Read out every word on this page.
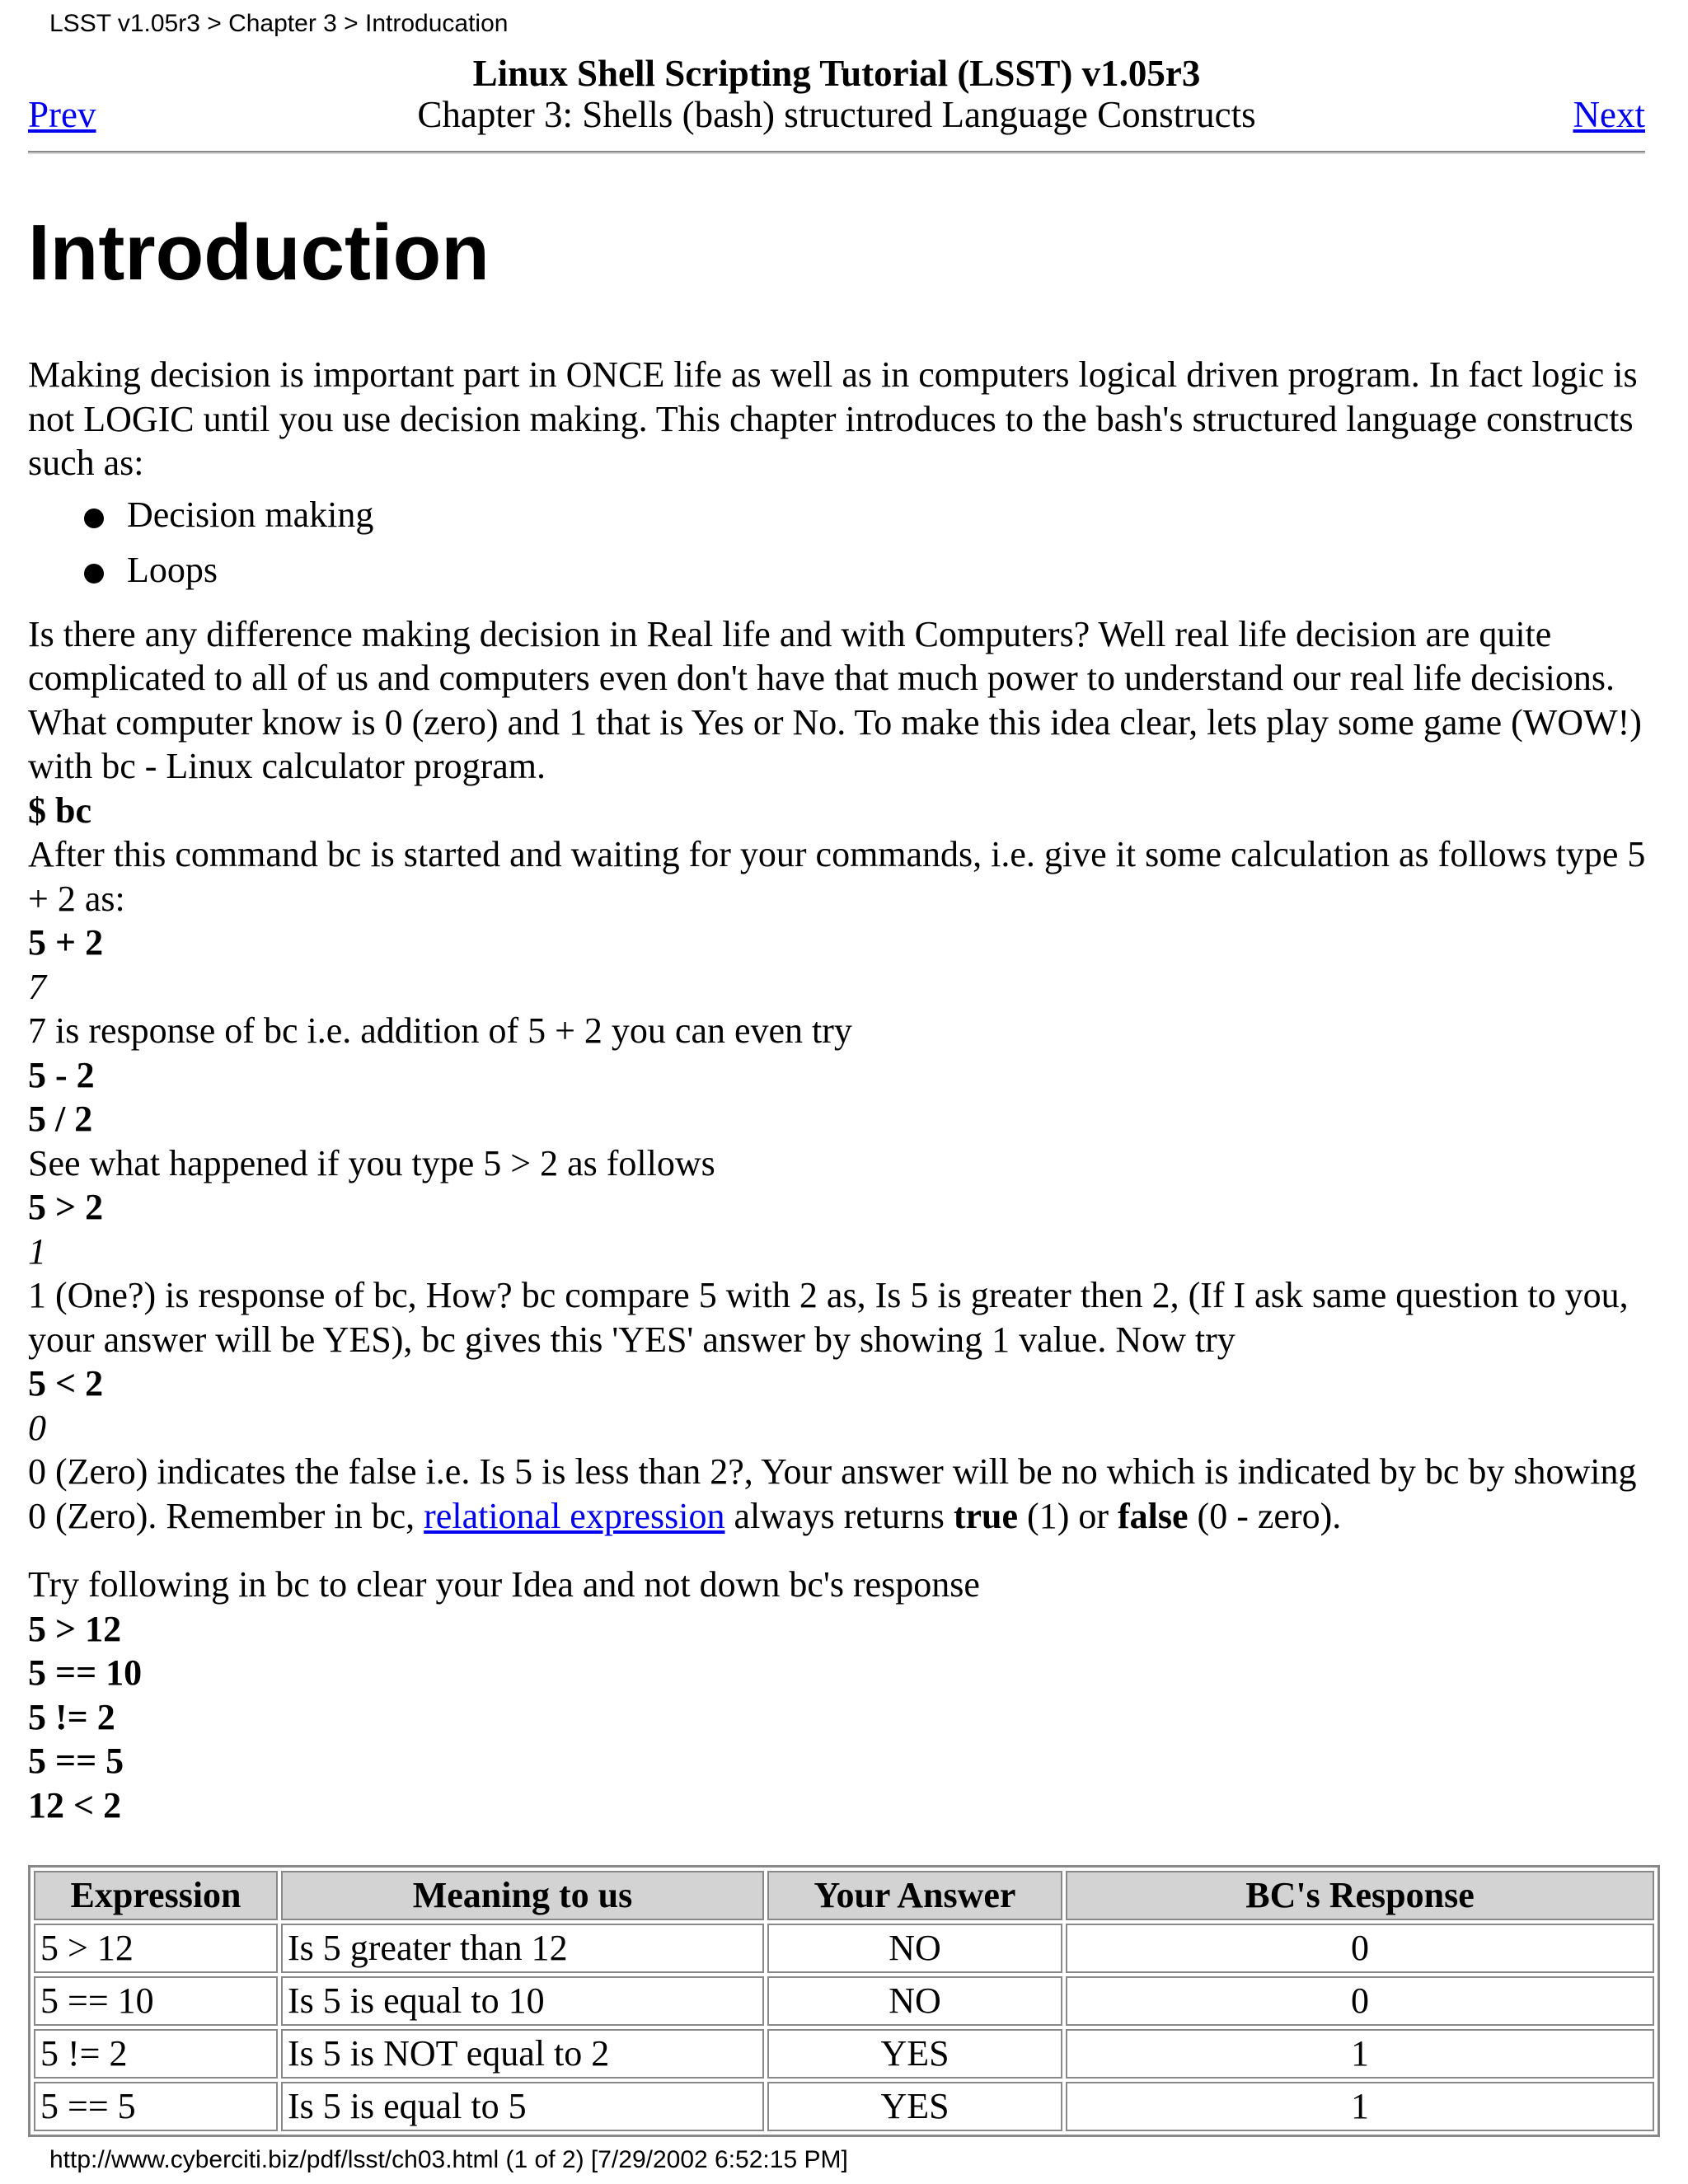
LSST v1.05r3 > Chapter 3 > Introducation
Linux Shell Scripting Tutorial (LSST) v1.05r3
Chapter 3: Shells (bash) structured Language Constructs
Prev	Next
Introduction

Making decision is important part in ONCE life as well as in computers logical driven program. In fact logic is not LOGIC until you use decision making. This chapter introduces to the bash's structured language constructs such as:

Decision making
Loops

Is there any difference making decision in Real life and with Computers? Well real life decision are quite complicated to all of us and computers even don't have that much power to understand our real life decisions. What computer know is 0 (zero) and 1 that is Yes or No. To make this idea clear, lets play some game (WOW!) with bc - Linux calculator program.

$ bc
After this command bc is started and waiting for your commands, i.e. give it some calculation as follows type 5 + 2 as:
5 + 2
7
7 is response of bc i.e. addition of 5 + 2 you can even try
5 - 2
5 / 2
See what happened if you type 5 > 2 as follows
5 > 2
1
1 (One?) is response of bc, How? bc compare 5 with 2 as, Is 5 is greater then 2, (If I ask same question to you, your answer will be YES), bc gives this 'YES' answer by showing 1 value. Now try
5 < 2
0

0 (Zero) indicates the false i.e. Is 5 is less than 2?, Your answer will be no which is indicated by bc by showing 0 (Zero). Remember in bc, relational expression always returns true (1) or false (0 - zero).

Try following in bc to clear your Idea and not down bc's response

5 > 12
5 == 10
5 != 2
5 == 5
12 < 2
Expression	Meaning to us	Your Answer	BC's Response
5 > 12	Is 5 greater than 12	NO	0
5 == 10	Is 5 is equal to 10	NO	0
5 != 2	Is 5 is NOT equal to 2	YES	1
5 == 5	Is 5 is equal to 5	YES	1
http://www.cyberciti.biz/pdf/lsst/ch03.html (1 of 2) [7/29/2002 6:52:15 PM]
